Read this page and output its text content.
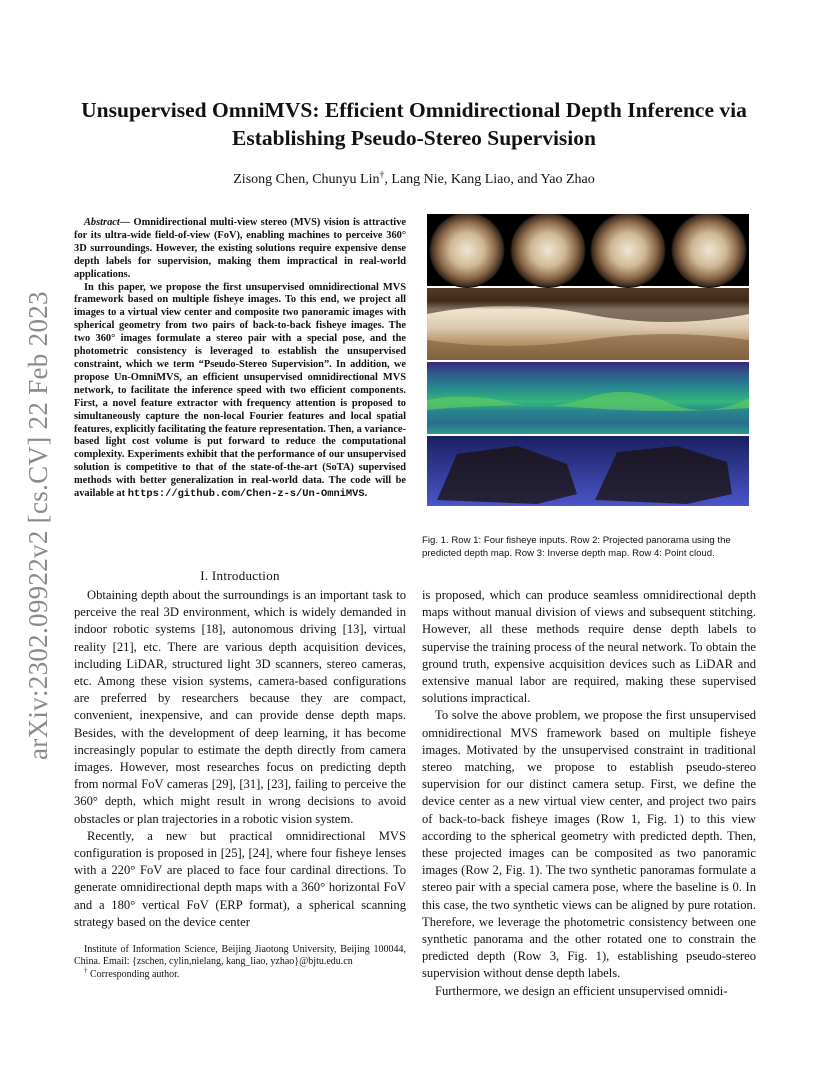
arXiv:2302.09922v2 [cs.CV] 22 Feb 2023
Unsupervised OmniMVS: Efficient Omnidirectional Depth Inference via
Establishing Pseudo-Stereo Supervision
Zisong Chen, Chunyu Lin†, Lang Nie, Kang Liao, and Yao Zhao

Abstract— Omnidirectional multi-view stereo (MVS) vision is attractive for its ultra-wide field-of-view (FoV), enabling machines to perceive 360° 3D surroundings. However, the existing solutions require expensive dense depth labels for supervision, making them impractical in real-world applications.

In this paper, we propose the first unsupervised omnidirectional MVS framework based on multiple fisheye images. To this end, we project all images to a virtual view center and composite two panoramic images with spherical geometry from two pairs of back-to-back fisheye images. The two 360° images formulate a stereo pair with a special pose, and the photometric consistency is leveraged to establish the unsupervised constraint, which we term “Pseudo-Stereo Supervision”. In addition, we propose Un-OmniMVS, an efficient unsupervised omnidirectional MVS network, to facilitate the inference speed with two efficient components. First, a novel feature extractor with frequency attention is proposed to simultaneously capture the non-local Fourier features and local spatial features, explicitly facilitating the feature representation. Then, a variance-based light cost volume is put forward to reduce the computational complexity. Experiments exhibit that the performance of our unsupervised solution is competitive to that of the state-of-the-art (SoTA) supervised methods with better generalization in real-world data. The code will be available at https://github.com/Chen-z-s/Un-OmniMVS.

I. Introduction

Obtaining depth about the surroundings is an important task to perceive the real 3D environment, which is widely demanded in indoor robotic systems [18], autonomous driving [13], virtual reality [21], etc. There are various depth acquisition devices, including LiDAR, structured light 3D scanners, stereo cameras, etc. Among these vision systems, camera-based configurations are preferred by researchers because they are compact, convenient, inexpensive, and can provide dense depth maps. Besides, with the development of deep learning, it has become increasingly popular to estimate the depth directly from camera images. However, most researches focus on predicting depth from normal FoV cameras [29], [31], [23], failing to perceive the 360° depth, which might result in wrong decisions to avoid obstacles or plan trajectories in a robotic vision system.

Recently, a new but practical omnidirectional MVS configuration is proposed in [25], [24], where four fisheye lenses with a 220° FoV are placed to face four cardinal directions. To generate omnidirectional depth maps with a 360° horizontal FoV and a 180° vertical FoV (ERP format), a spherical scanning strategy based on the device center

Institute of Information Science, Beijing Jiaotong University, Beijing 100044, China. Email: {zschen, cylin,nielang, kang_liao, yzhao}@bjtu.edu.cn

† Corresponding author.

Fig. 1. Row 1: Four fisheye inputs. Row 2: Projected panorama using the predicted depth map. Row 3: Inverse depth map. Row 4: Point cloud.

is proposed, which can produce seamless omnidirectional depth maps without manual division of views and subsequent stitching. However, all these methods require dense depth labels to supervise the training process of the neural network. To obtain the ground truth, expensive acquisition devices such as LiDAR and extensive manual labor are required, making these supervised solutions impractical.

To solve the above problem, we propose the first unsupervised omnidirectional MVS framework based on multiple fisheye images. Motivated by the unsupervised constraint in traditional stereo matching, we propose to establish pseudo-stereo supervision for our distinct camera setup. First, we define the device center as a new virtual view center, and project two pairs of back-to-back fisheye images (Row 1, Fig. 1) to this view according to the spherical geometry with predicted depth. Then, these projected images can be composited as two panoramic images (Row 2, Fig. 1). The two synthetic panoramas formulate a stereo pair with a special camera pose, where the baseline is 0. In this case, the two synthetic views can be aligned by pure rotation. Therefore, we leverage the photometric consistency between one synthetic panorama and the other rotated one to constrain the predicted depth (Row 3, Fig. 1), establishing pseudo-stereo supervision without dense depth labels.

Furthermore, we design an efficient unsupervised omnidi-
